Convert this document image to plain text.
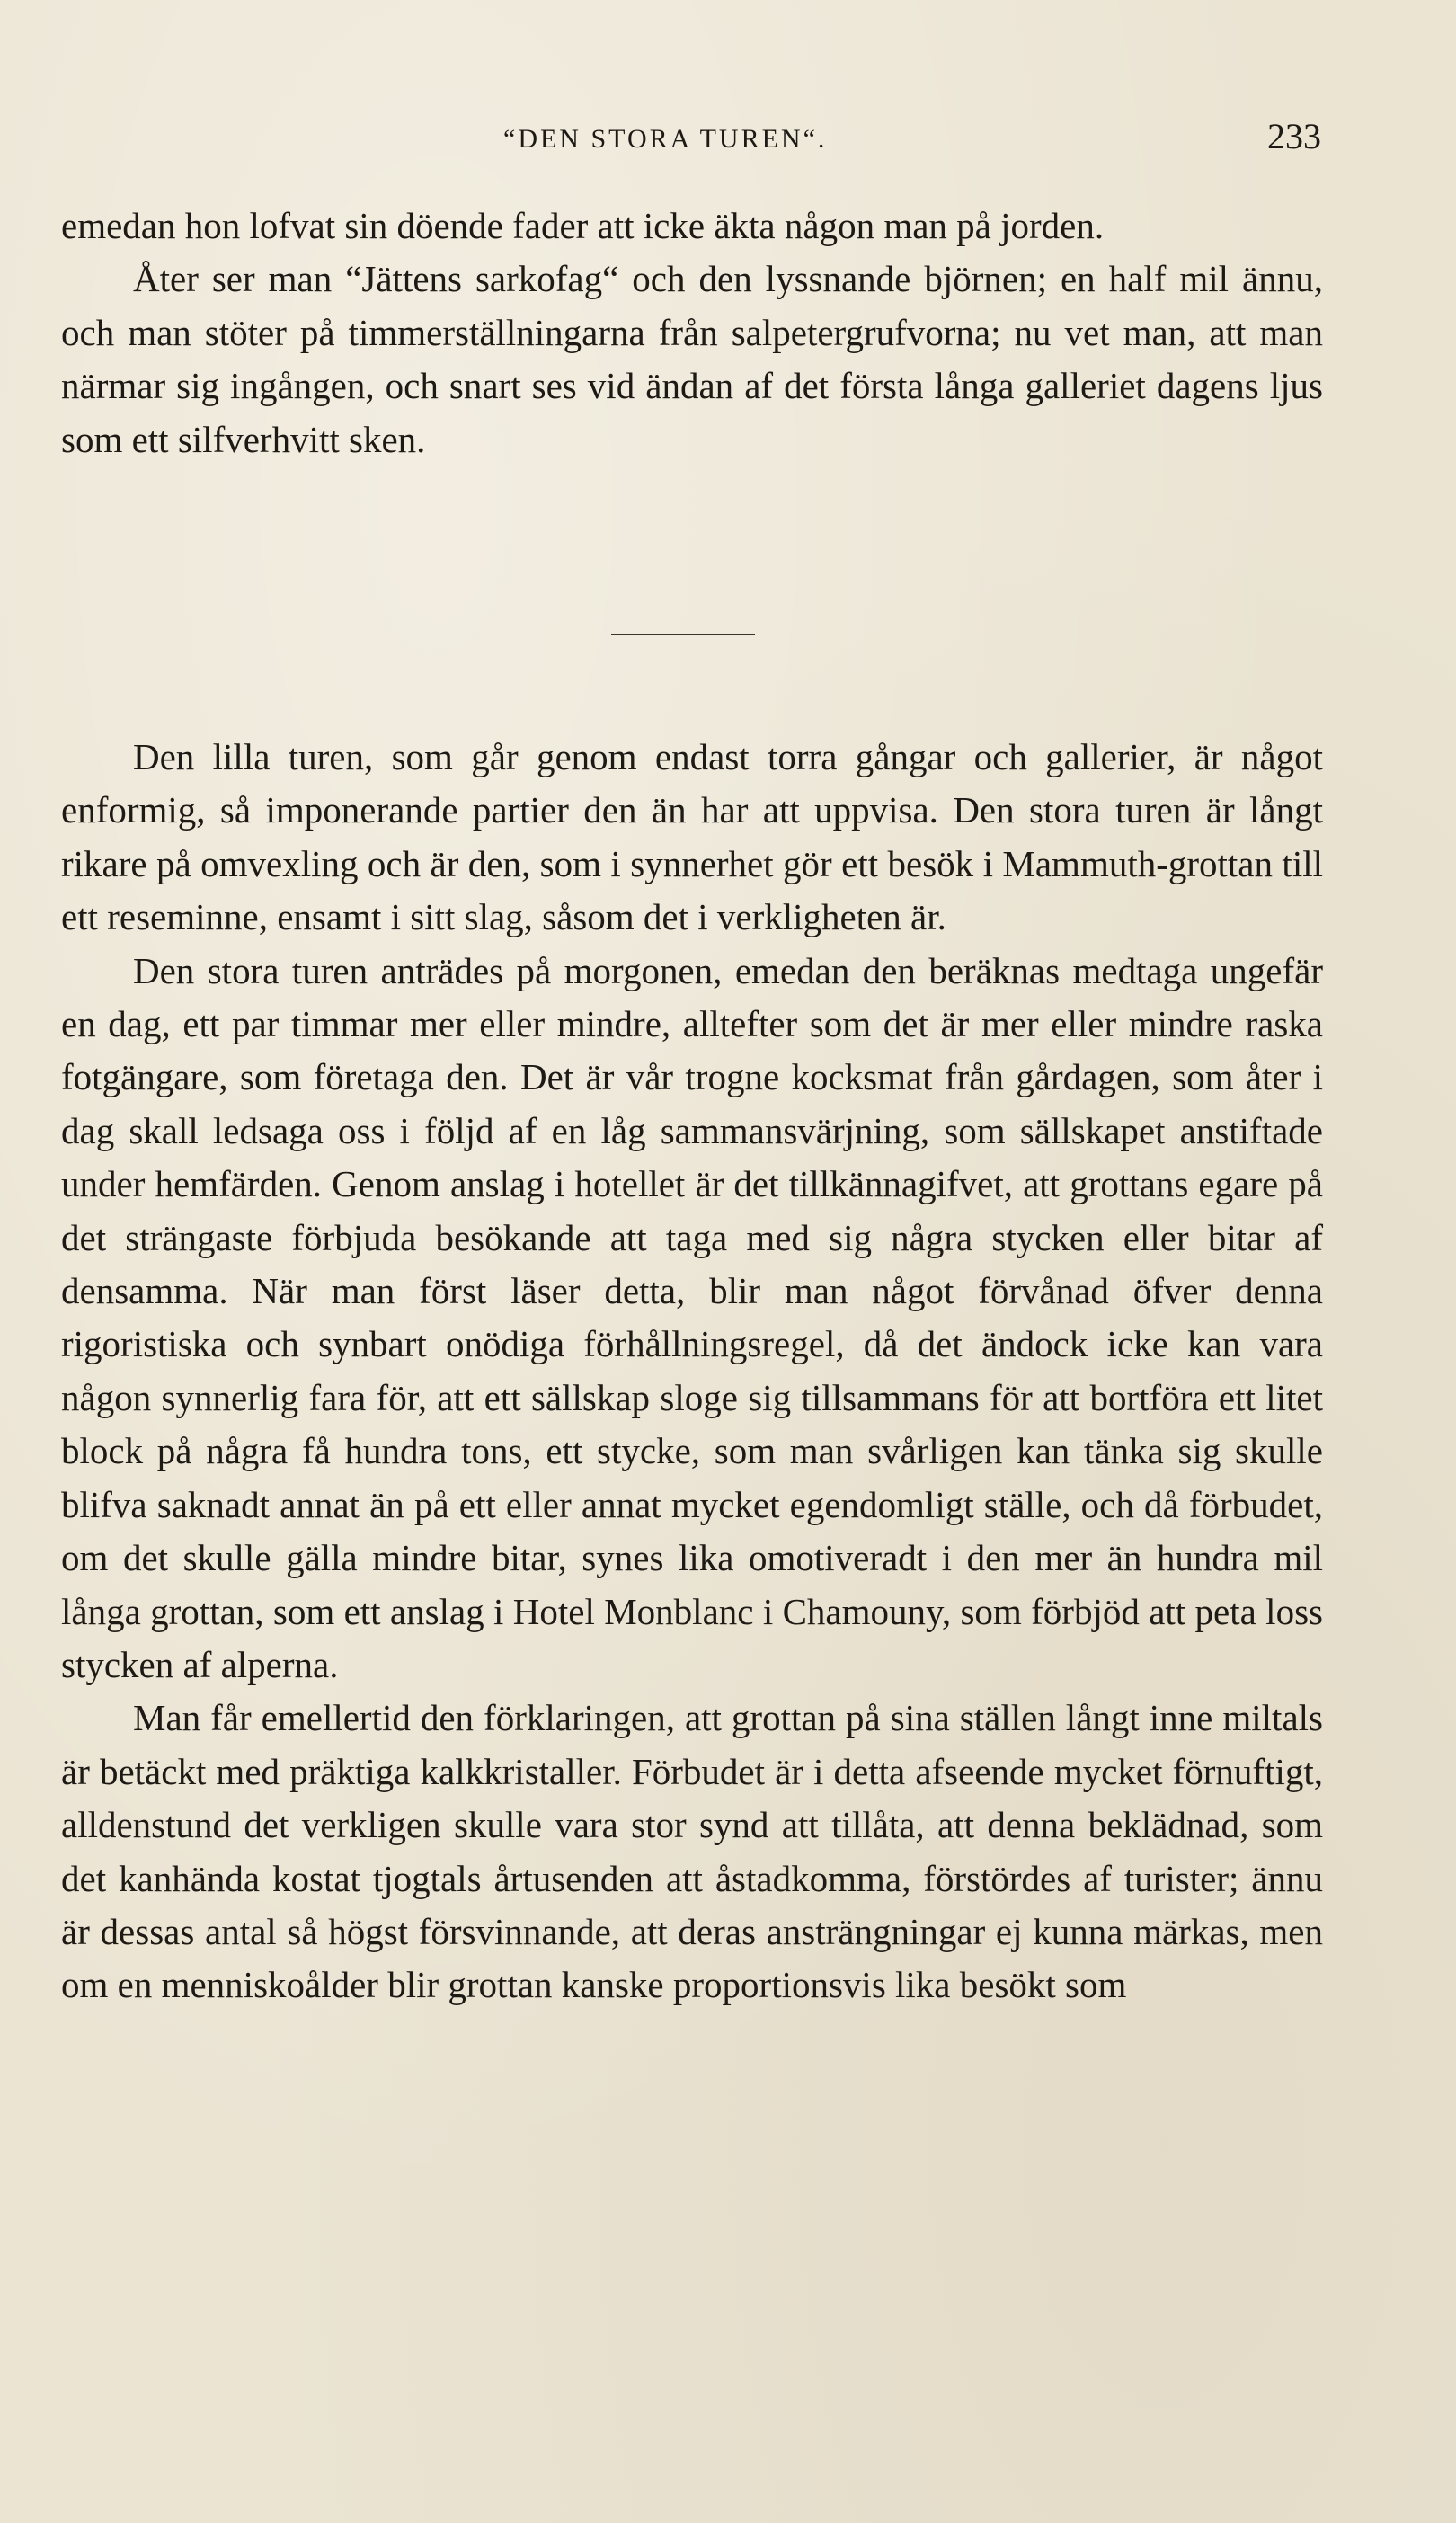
“DEN STORA TUREN“.	233

emedan hon lofvat sin döende fader att icke äkta någon man på jorden.

Åter ser man “Jättens sarkofag“ och den lyssnande björnen; en half mil ännu, och man stöter på timmerställningarna från salpetergrufvorna; nu vet man, att man närmar sig ingången, och snart ses vid ändan af det första långa galleriet dagens ljus som ett silfverhvitt sken.

Den lilla turen, som går genom endast torra gångar och gallerier, är något enformig, så imponerande partier den än har att uppvisa. Den stora turen är långt rikare på omvexling och är den, som i synnerhet gör ett besök i Mammuth-grottan till ett reseminne, ensamt i sitt slag, såsom det i verkligheten är.

Den stora turen anträdes på morgonen, emedan den beräknas medtaga ungefär en dag, ett par timmar mer eller mindre, alltefter som det är mer eller mindre raska fotgängare, som företaga den. Det är vår trogne kocksmat från gårdagen, som åter i dag skall ledsaga oss i följd af en låg sammansvärjning, som sällskapet anstiftade under hemfärden. Genom anslag i hotellet är det tillkännagifvet, att grottans egare på det strängaste förbjuda besökande att taga med sig några stycken eller bitar af densamma. När man först läser detta, blir man något förvånad öfver denna rigoristiska och synbart onödiga förhållningsregel, då det ändock icke kan vara någon synnerlig fara för, att ett sällskap sloge sig tillsammans för att bortföra ett litet block på några få hundra tons, ett stycke, som man svårligen kan tänka sig skulle blifva saknadt annat än på ett eller annat mycket egendomligt ställe, och då förbudet, om det skulle gälla mindre bitar, synes lika omotiveradt i den mer än hundra mil långa grottan, som ett anslag i Hotel Monblanc i Chamouny, som förbjöd att peta loss stycken af alperna.

Man får emellertid den förklaringen, att grottan på sina ställen långt inne miltals är betäckt med präktiga kalkkristaller. Förbudet är i detta afseende mycket förnuftigt, alldenstund det verkligen skulle vara stor synd att tillåta, att denna beklädnad, som det kanhända kostat tjogtals årtusenden att åstadkomma, förstördes af turister; ännu är dessas antal så högst försvinnande, att deras ansträngningar ej kunna märkas, men om en menniskoålder blir grottan kanske proportionsvis lika besökt som
